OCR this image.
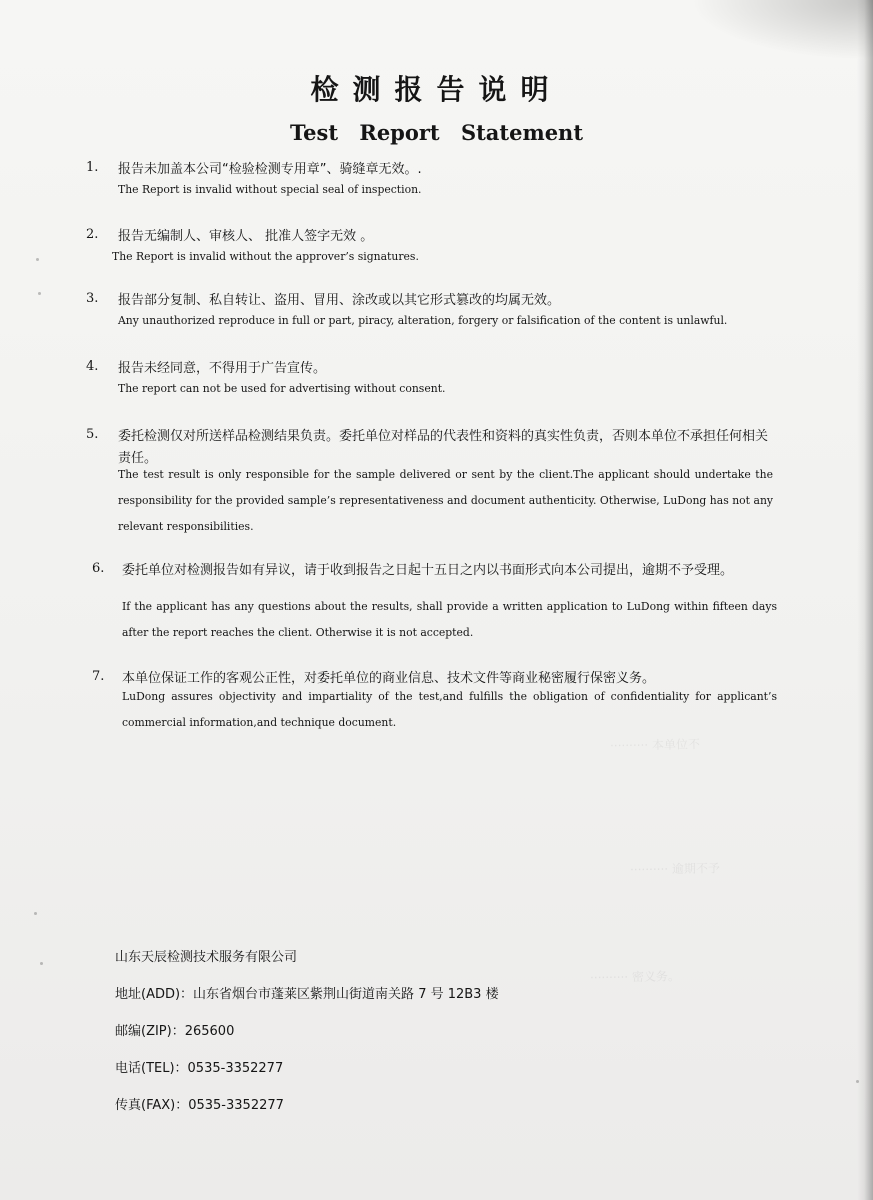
·········· 本单位不
·········· 逾期不予
·········· 密义务。
检测报告说明
Test Report Statement
1. 报告未加盖本公司“检验检测专用章”、骑缝章无效。.
The Report is invalid without special seal of inspection.
2. 报告无编制人、审核人、 批准人签字无效 。
The Report is invalid without the approver’s signatures.
3. 报告部分复制、私自转让、盗用、冒用、涂改或以其它形式篡改的均属无效。
Any unauthorized reproduce in full or part, piracy, alteration, forgery or falsification of the content is unlawful.
4. 报告未经同意，不得用于广告宣传。
The report can not be used for advertising without consent.
5. 委托检测仅对所送样品检测结果负责。委托单位对样品的代表性和资料的真实性负责，否则本单位不承担任何相关责任。
The test result is only responsible for the sample delivered or sent by the client.The applicant should undertake the responsibility for the provided sample’s representativeness and document authenticity. Otherwise, LuDong has not any relevant responsibilities.
6. 委托单位对检测报告如有异议，请于收到报告之日起十五日之内以书面形式向本公司提出，逾期不予受理。
If the applicant has any questions about the results, shall provide a written application to LuDong within fifteen days after the report reaches the client. Otherwise it is not accepted.
7. 本单位保证工作的客观公正性，对委托单位的商业信息、技术文件等商业秘密履行保密义务。
LuDong assures objectivity and impartiality of the test,and fulfills the obligation of confidentiality for applicant’s commercial information,and technique document.
山东天辰检测技术服务有限公司
地址(ADD)：山东省烟台市蓬莱区紫荆山街道南关路 7 号 12B3 楼
邮编(ZIP)：265600
电话(TEL)：0535-3352277
传真(FAX)：0535-3352277
